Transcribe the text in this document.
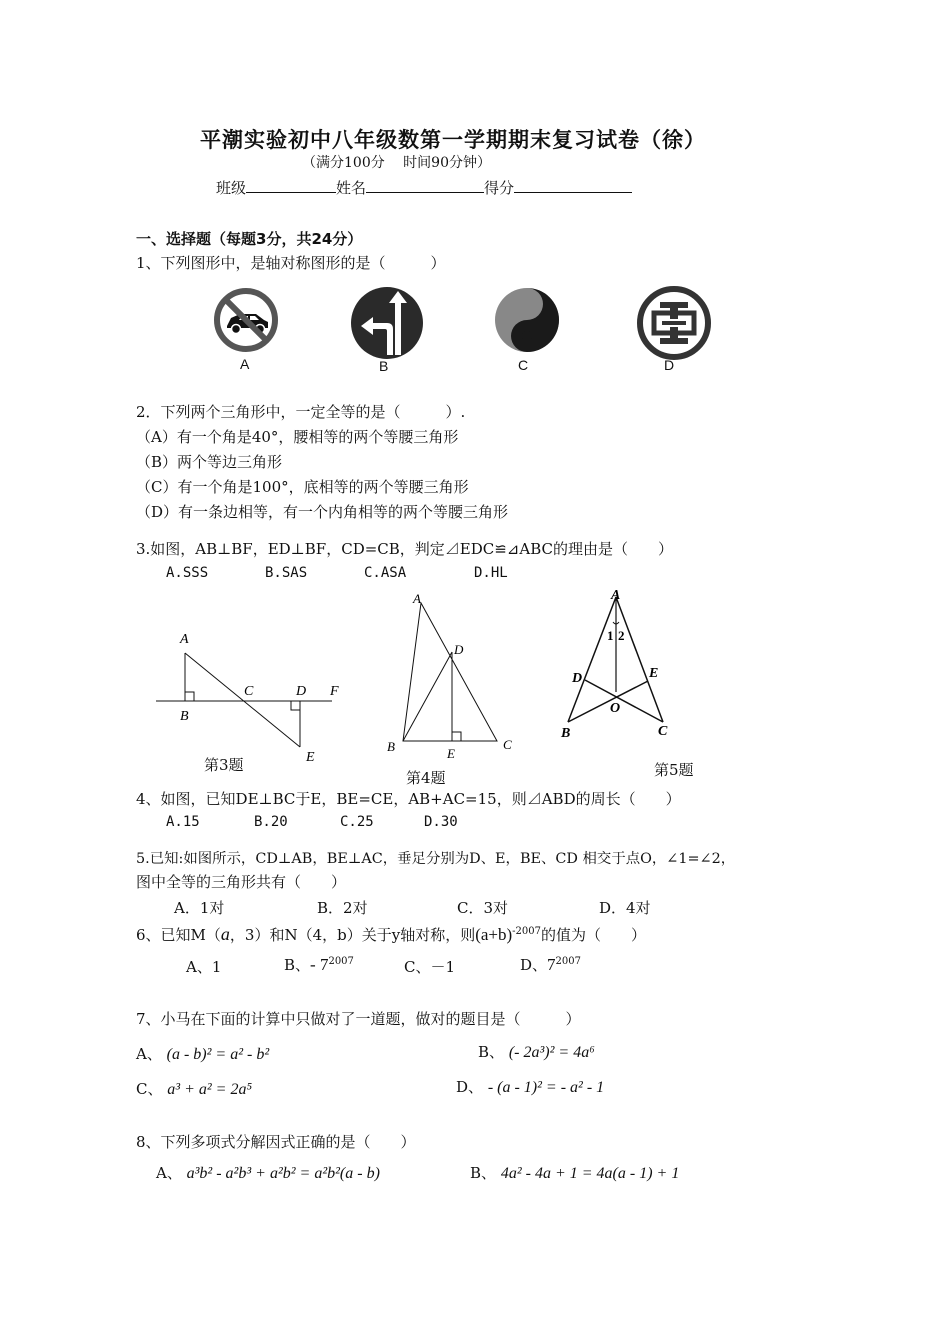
平潮实验初中八年级数第一学期期末复习试卷（徐）
（满分100分　 时间90分钟）
班级	姓名	得分
一、选择题（每题3分，共24分）
1、下列图形中，是轴对称图形的是（　　　）
A	B	C	D
2．下列两个三角形中，一定全等的是（　　　）.
（A）有一个角是40°，腰相等的两个等腰三角形
（B）两个等边三角形
（C）有一个角是100°，底相等的两个等腰三角形
（D）有一条边相等，有一个内角相等的两个等腰三角形
3.如图，AB⊥BF，ED⊥BF，CD=CB，判定⊿EDC≌⊿ABC的理由是（　　）
A.SSS	B.SAS	C.ASA	D.HL
A
B
C	D F
E
第3题
A
D
B	E
C
第4题
A
1 2
D	E
O
B	C
第5题
4、如图，已知DE⊥BC于E，BE=CE，AB+AC=15，则⊿ABD的周长（　　）
A.15	B.20	C.25	D.30
5.已知:如图所示，CD⊥AB，BE⊥AC，垂足分别为D、E，BE、CD 相交于点O，∠1=∠2，
图中全等的三角形共有（　　）
A．1对	B．2对	C．3对	D．4对
6、已知M（a，3）和N（4，b）关于y轴对称，则$(a+b)^{-2007}$的值为（　　）
A、1	B、- $7^{2007}$	C、－1	D、$7^{2007}$
7、小马在下面的计算中只做对了一道题，做对的题目是（　　　）
A、 (a - b)² = a² - b²	B、 (- 2a³)² = 4a⁶
C、 a³ + a² = 2a⁵	D、 - (a - 1)² = - a² - 1
8、下列多项式分解因式正确的是（　　）
A、 a³b² - a²b³ + a²b² = a²b²(a - b)	B、 4a² - 4a + 1 = 4a(a - 1) + 1
